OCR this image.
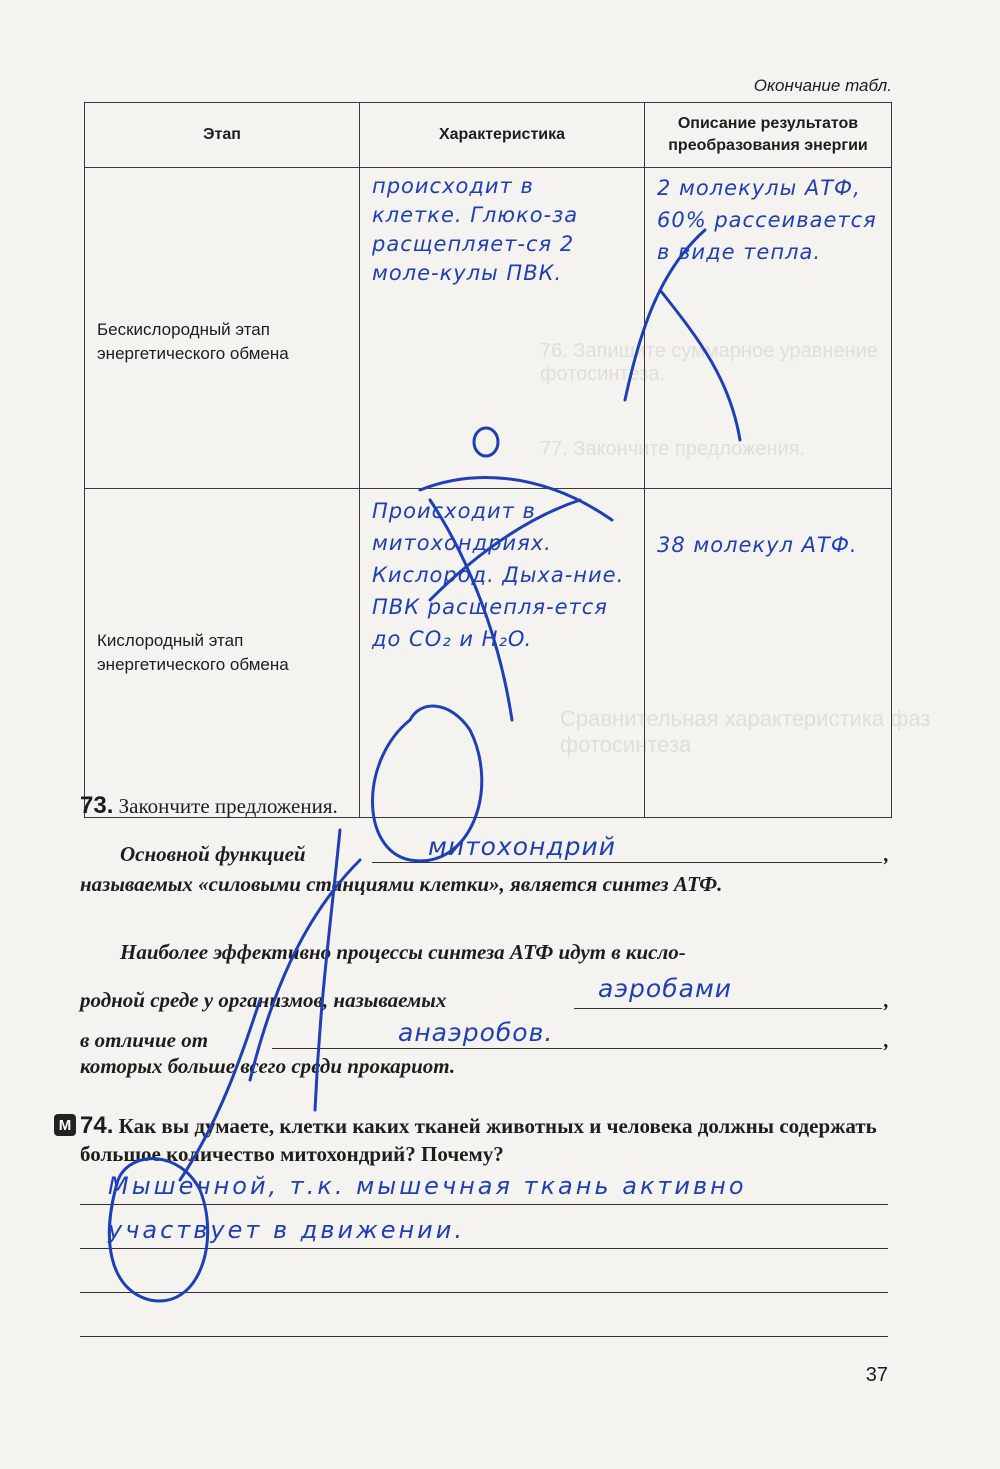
76. Запишите суммарное уравнение фотосинтеза.
77. Закончите предложения.
Сравнительная характеристика фаз фотосинтеза
Окончание табл.
Этап	Характеристика	Описание результатов преобразования энергии
Бескислородный этап энергетического обмена	происходит в клетке. Глюко-за расщепляет-ся 2 моле-кулы ПВК.	2 молекулы АТФ, 60% рассеивается в виде тепла.

Кислородный этап энергетического обмена	Происходит в митохондриях. Кислород. Дыха-ние. ПВК расщепля-ется до CO₂ и H₂O.	38 молекул АТФ.
73. Закончите предложения.
Основной функцией	митохондрий	,
называемых «силовыми станциями клетки», является синтез АТФ.
Наиболее эффективно процессы синтеза АТФ идут в кисло-
родной среде у организмов, называемых	аэробами	,
в отличие от	анаэробов.	,
которых больше всего среди прокариот.
М 74. Как вы думаете, клетки каких тканей животных и человека должны содержать большое количество митохондрий? Почему?
Мышечной, т.к. мышечная ткань активно
участвует в движении.
37
